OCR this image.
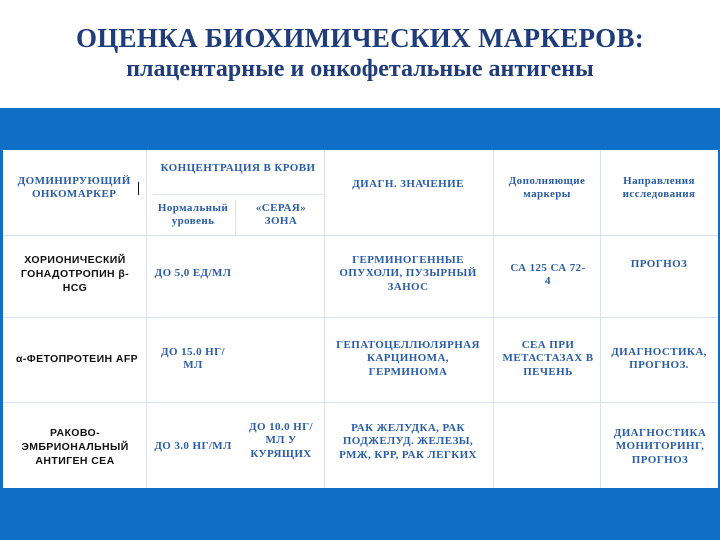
ОЦЕНКА БИОХИМИЧЕСКИХ МАРКЕРОВ:
плацентарные и онкофетальные антигены
ДОМИНИРУЮЩИЙ ОНКОМАРКЕР
КОНЦЕНТРАЦИЯ В КРОВИ
Нормальный уровень
«СЕРАЯ» ЗОНА
ДИАГН. ЗНАЧЕНИЕ	Дополняющие маркеры
Направления исследования
ХОРИОНИЧЕСКИЙ ГОНАДОТРОПИН β-HCG
ДО 5,0 ЕД/МЛ
ГЕРМИНОГЕННЫЕ ОПУХОЛИ, ПУЗЫРНЫЙ ЗАНОС
СА 125 СА 72-4
ПРОГНОЗ
α-ФЕТОПРОТЕИН AFP
ДО 15.0 НГ/МЛ
ГЕПАТОЦЕЛЛЮЛЯРНАЯ КАРЦИНОМА, ГЕРМИНОМА
СЕА ПРИ МЕТАСТАЗАХ В ПЕЧЕНЬ
ДИАГНОСТИКА, ПРОГНОЗ.
РАКОВО-ЭМБРИОНАЛЬНЫЙ АНТИГЕН СЕА
ДО 3.0 НГ/МЛ
ДО 10.0 НГ/МЛ У КУРЯЩИХ
РАК ЖЕЛУДКА, РАК ПОДЖЕЛУД. ЖЕЛЕЗЫ, РМЖ, КРР, РАК ЛЕГКИХ
ДИАГНОСТИКА МОНИТОРИНГ, ПРОГНОЗ
